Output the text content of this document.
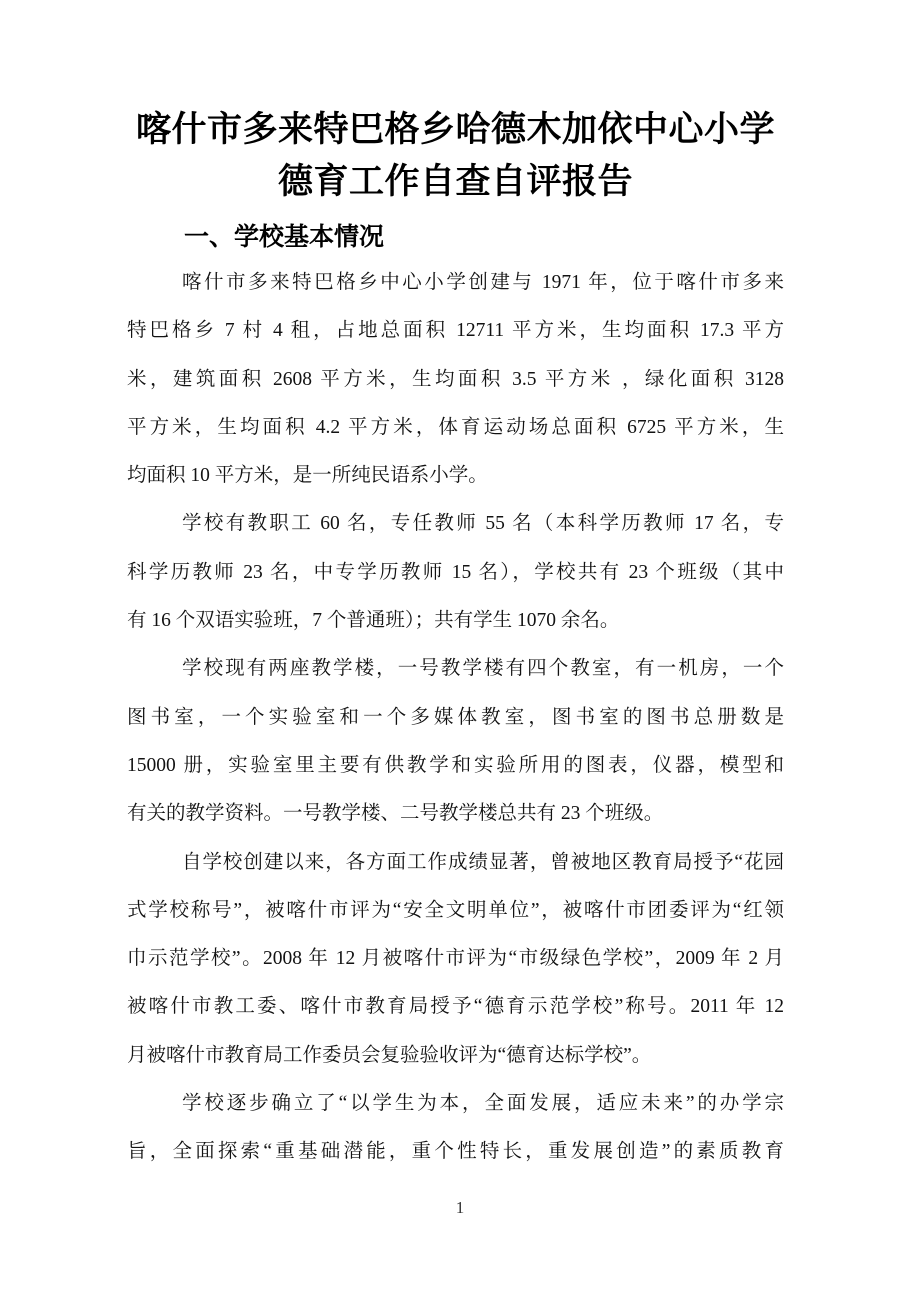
喀什市多来特巴格乡哈德木加依中心小学
德育工作自查自评报告
一、学校基本情况
喀什市多来特巴格乡中心小学创建与 1971 年，位于喀什市多来
特巴格乡 7 村 4 租，占地总面积 12711 平方米，生均面积 17.3 平方
米，建筑面积 2608 平方米，生均面积 3.5 平方米 ，绿化面积 3128
平方米，生均面积 4.2 平方米，体育运动场总面积 6725 平方米，生
均面积 10 平方米，是一所纯民语系小学。
学校有教职工 60 名，专任教师 55 名（本科学历教师 17 名，专
科学历教师 23 名，中专学历教师 15 名），学校共有 23 个班级（其中
有 16 个双语实验班，7 个普通班）；共有学生 1070 余名。
学校现有两座教学楼，一号教学楼有四个教室，有一机房，一个
图书室，一个实验室和一个多媒体教室，图书室的图书总册数是
15000 册，实验室里主要有供教学和实验所用的图表，仪器，模型和
有关的教学资料。一号教学楼、二号教学楼总共有 23 个班级。
自学校创建以来，各方面工作成绩显著，曾被地区教育局授予“花园
式学校称号”，被喀什市评为“安全文明单位”，被喀什市团委评为“红领
巾示范学校”。2008 年 12 月被喀什市评为“市级绿色学校”，2009 年 2 月
被喀什市教工委、喀什市教育局授予“德育示范学校”称号。2011 年 12
月被喀什市教育局工作委员会复验验收评为“德育达标学校”。
学校逐步确立了“以学生为本，全面发展，适应未来”的办学宗
旨，全面探索“重基础潜能，重个性特长，重发展创造”的素质教育
1
